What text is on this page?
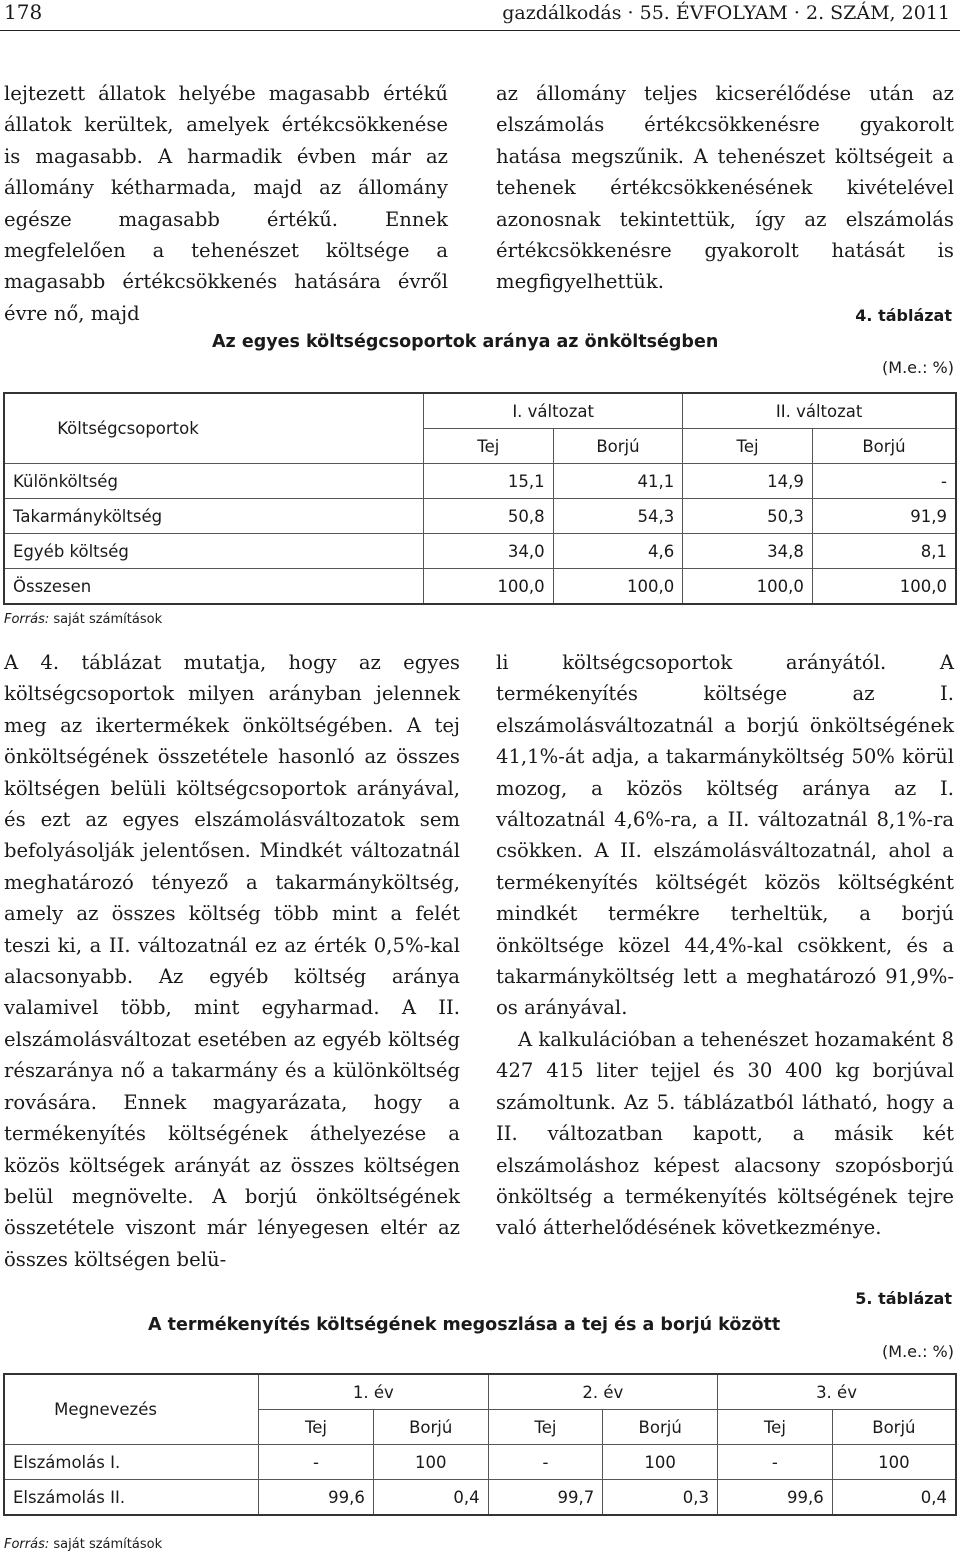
178	gazdálkodás · 55. ÉVFOLYAM · 2. SZÁM, 2011

lejtezett állatok helyébe magasabb értékű állatok kerültek, amelyek értékcsökkenése is magasabb. A harmadik évben már az állomány kétharmada, majd az állomány egésze magasabb értékű. Ennek megfelelően a tehenészet költsége a magasabb értékcsökkenés hatására évről évre nő, majd

az állomány teljes kicserélődése után az elszámolás értékcsökkenésre gyakorolt hatása megszűnik. A tehenészet költségeit a tehenek értékcsökkenésének kivételével azonosnak tekintettük, így az elszámolás értékcsökkenésre gyakorolt hatását is megfigyelhettük.

4. táblázat
Az egyes költségcsoportok aránya az önköltségben
(M.e.: %)
Költségcsoportok	I. változat		II. változat	
	Tej	Borjú	Tej	Borjú
Különköltség	15,1	41,1	14,9	-
Takarmányköltség	50,8	54,3	50,3	91,9
Egyéb költség	34,0	4,6	34,8	8,1
Összesen	100,0	100,0	100,0	100,0
Forrás: saját számítások

A 4. táblázat mutatja, hogy az egyes költségcsoportok milyen arányban jelennek meg az ikertermékek önköltségében. A tej önköltségének összetétele hasonló az összes költségen belüli költségcsoportok arányával, és ezt az egyes elszámolásváltozatok sem befolyásolják jelentősen. Mindkét változatnál meghatározó tényező a takarmányköltség, amely az összes költség több mint a felét teszi ki, a II. változatnál ez az érték 0,5%-kal alacsonyabb. Az egyéb költség aránya valamivel több, mint egyharmad. A II. elszámolásváltozat esetében az egyéb költség részaránya nő a takarmány és a különköltség rovására. Ennek magyarázata, hogy a termékenyítés költségének áthelyezése a közös költségek arányát az összes költségen belül megnövelte. A borjú önköltségének összetétele viszont már lényegesen eltér az összes költségen belü-

li költségcsoportok arányától. A termékenyítés költsége az I. elszámolásváltozatnál a borjú önköltségének 41,1%-át adja, a takarmányköltség 50% körül mozog, a közös költség aránya az I. változatnál 4,6%-ra, a II. változatnál 8,1%-ra csökken. A II. elszámolásváltozatnál, ahol a termékenyítés költségét közös költségként mindkét termékre terheltük, a borjú önköltsége közel 44,4%-kal csökkent, és a takarmányköltség lett a meghatározó 91,9%-os arányával.

A kalkulációban a tehenészet hozamaként 8 427 415 liter tejjel és 30 400 kg borjúval számoltunk. Az 5. táblázatból látható, hogy a II. változatban kapott, a másik két elszámoláshoz képest alacsony szopósborjú önköltség a termékenyítés költségének tejre való átterhelődésének következménye.

5. táblázat
A termékenyítés költségének megoszlása a tej és a borjú között
(M.e.: %)
Megnevezés	1. év		2. év		3. év	
	Tej	Borjú	Tej	Borjú	Tej	Borjú
Elszámolás I.	-	100	-	100	-	100
Elszámolás II.	99,6	0,4	99,7	0,3	99,6	0,4
Forrás: saját számítások
